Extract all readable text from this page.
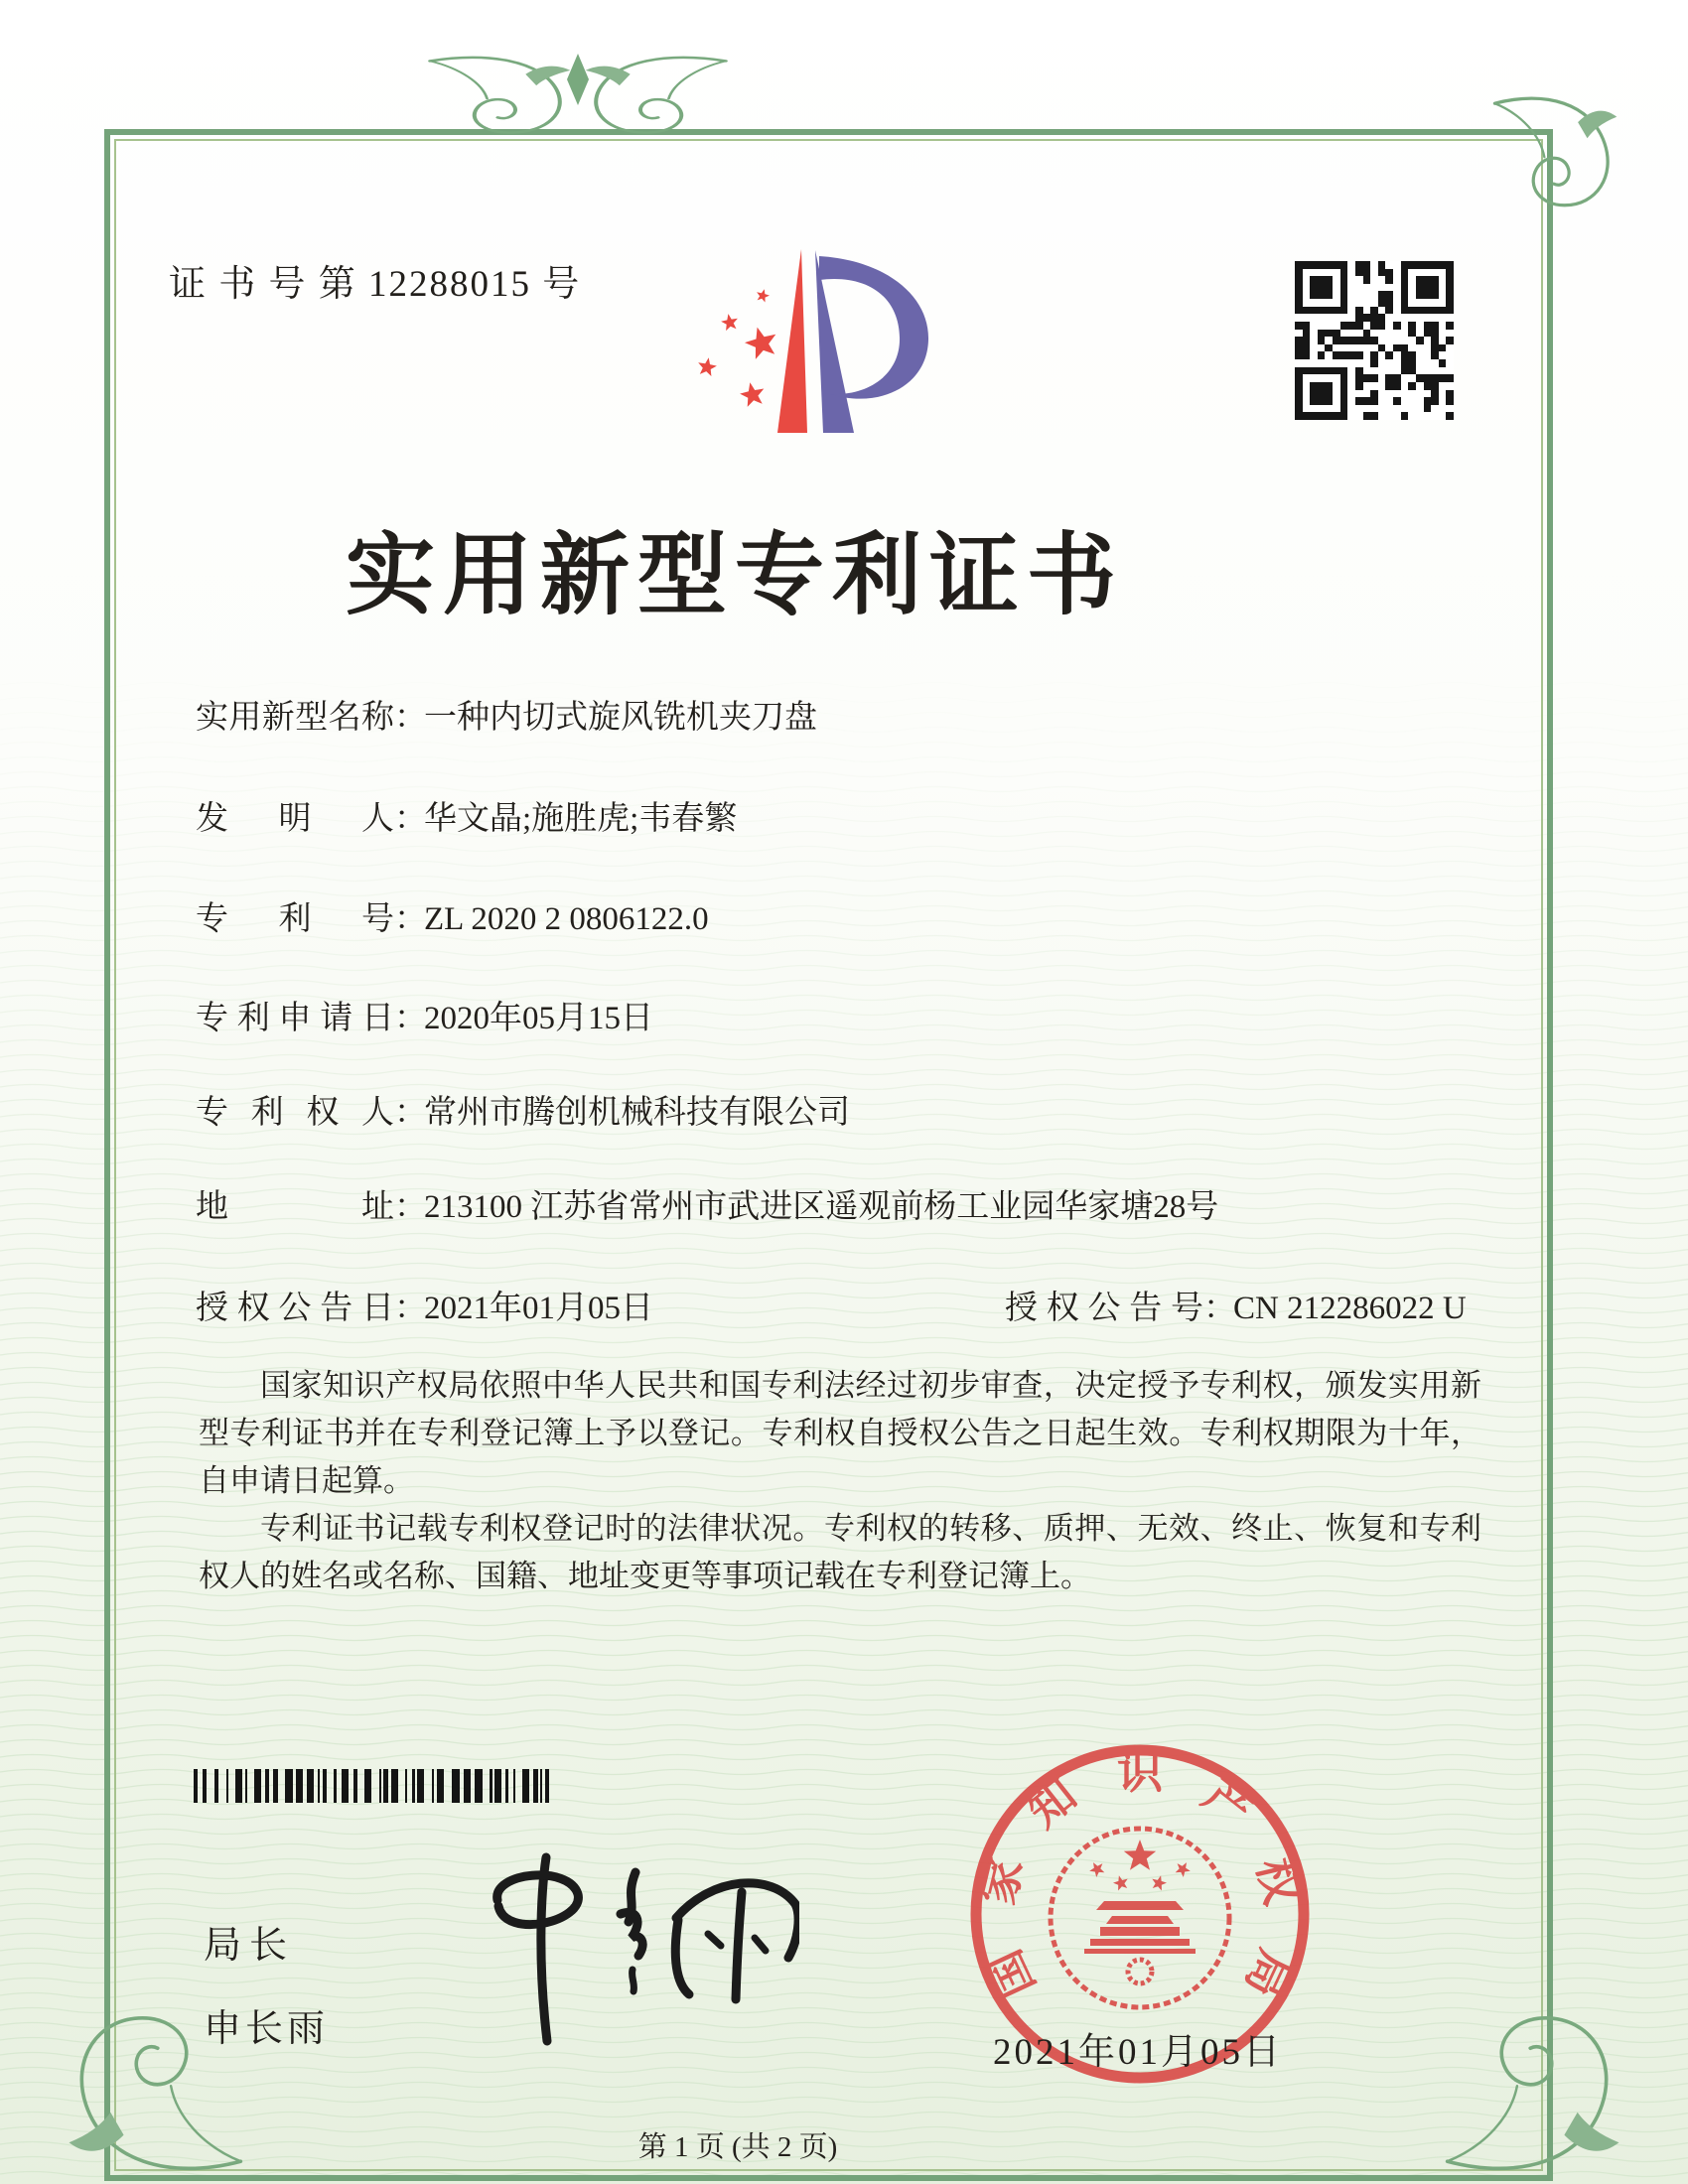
证 书 号 第 12288015 号
实用新型专利证书
实用新型名称：一种内切式旋风铣机夹刀盘
发明人：华文晶;施胜虎;韦春繁
专利号：ZL 2020 2 0806122.0
专利申请日：2020年05月15日
专利权人：常州市腾创机械科技有限公司
地址：213100 江苏省常州市武进区遥观前杨工业园华家塘28号
授权公告日：2021年01月05日	授权公告号：CN 212286022 U

国家知识产权局依照中华人民共和国专利法经过初步审查，决定授予专利权，颁发实用新型专利证书并在专利登记簿上予以登记。专利权自授权公告之日起生效。专利权期限为十年，自申请日起算。

专利证书记载专利权登记时的法律状况。专利权的转移、质押、无效、终止、恢复和专利权人的姓名或名称、国籍、地址变更等事项记载在专利登记簿上。

局长
申长雨
国
家
知 识 产
权
局
2021年01月05日
第 1 页 (共 2 页)
